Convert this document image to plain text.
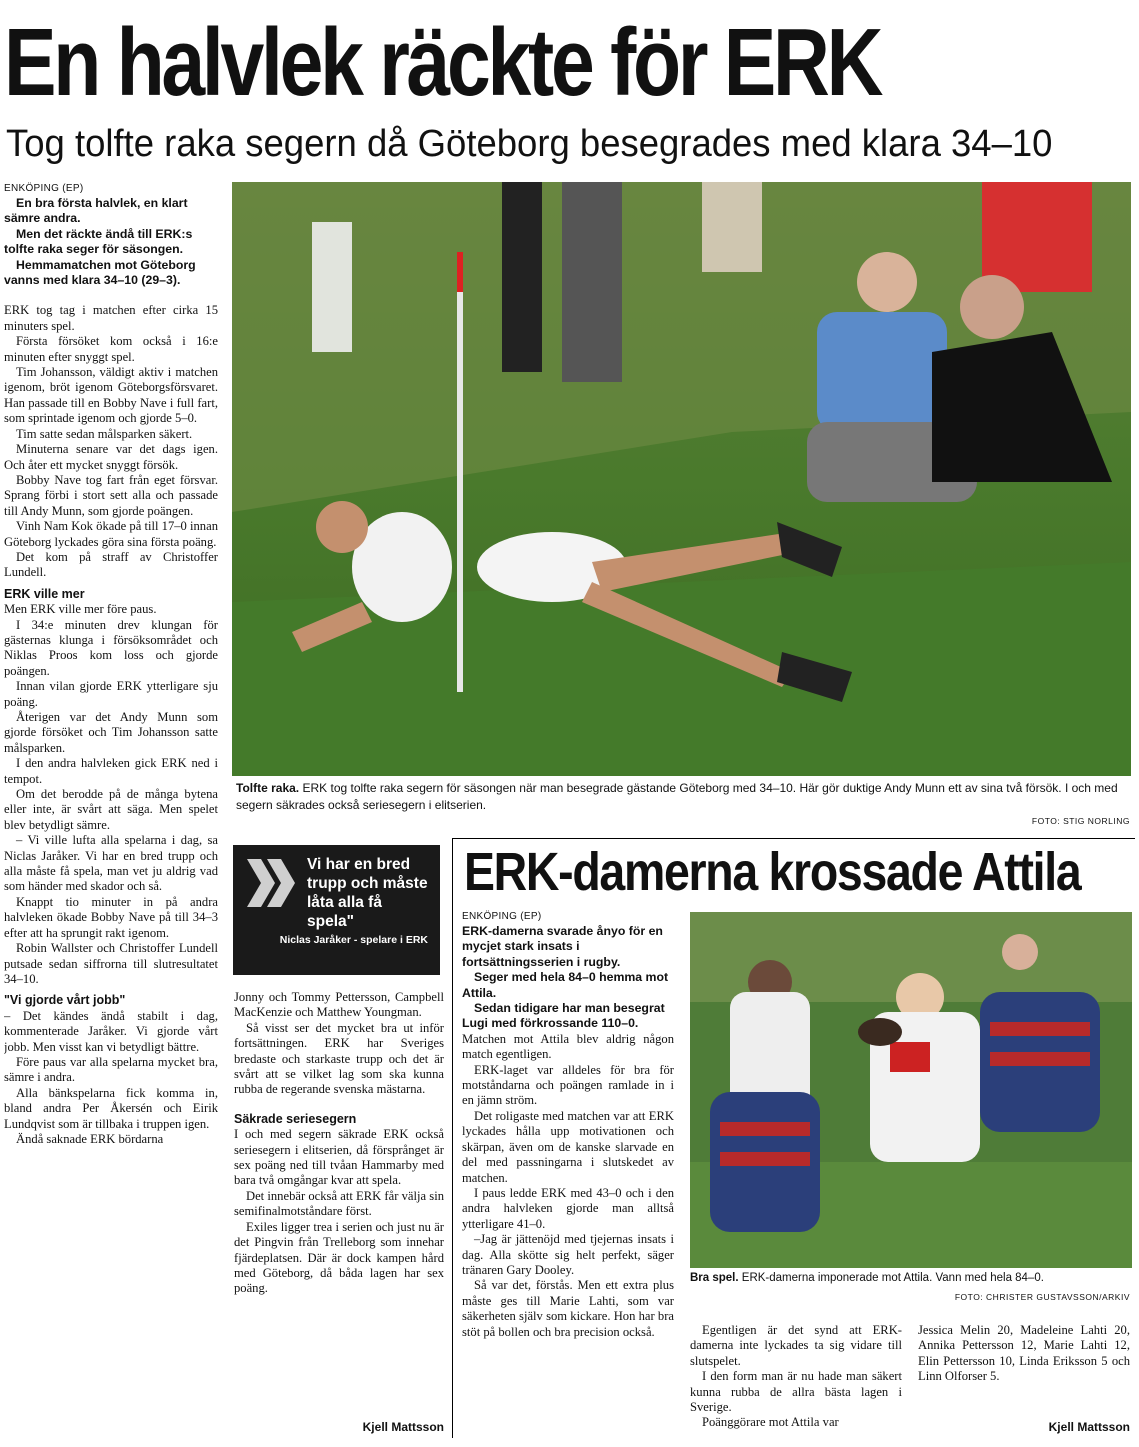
En halvlek räckte för ERK
Tog tolfte raka segern då Göteborg besegrades med klara 34–10
ENKÖPING (EP)

En bra första halvlek, en klart sämre andra.

Men det räckte ändå till ERK:s tolfte raka seger för säsongen.

Hemmamatchen mot Göteborg vanns med klara 34–10 (29–3).

ERK tog tag i matchen efter cirka 15 minuters spel.

Första försöket kom också i 16:e minuten efter snyggt spel.

Tim Johansson, väldigt aktiv i matchen igenom, bröt igenom Göteborgsförsvaret. Han passade till en Bobby Nave i full fart, som sprintade igenom och gjorde 5–0.

Tim satte sedan målsparken säkert.

Minuterna senare var det dags igen. Och åter ett mycket snyggt försök.

Bobby Nave tog fart från eget försvar. Sprang förbi i stort sett alla och passade till Andy Munn, som gjorde poängen.

Vinh Nam Kok ökade på till 17–0 innan Göteborg lyckades göra sina första poäng.

Det kom på straff av Christoffer Lundell.

ERK ville mer

Men ERK ville mer före paus.

I 34:e minuten drev klungan för gästernas klunga i försöksområdet och Niklas Proos kom loss och gjorde poängen.

Innan vilan gjorde ERK ytterligare sju poäng.

Återigen var det Andy Munn som gjorde försöket och Tim Johansson satte målsparken.

I den andra halvleken gick ERK ned i tempot.

Om det berodde på de många bytena eller inte, är svårt att säga. Men spelet blev betydligt sämre.

– Vi ville lufta alla spelarna i dag, sa Niclas Jaråker. Vi har en bred trupp och alla måste få spela, man vet ju aldrig vad som händer med skador och så.

Knappt tio minuter in på andra halvleken ökade Bobby Nave på till 34–3 efter att ha sprungit rakt igenom.

Robin Wallster och Christoffer Lundell putsade sedan siffrorna till slutresultatet 34–10.

"Vi gjorde vårt jobb"

– Det kändes ändå stabilt i dag, kommenterade Jaråker. Vi gjorde vårt jobb. Men visst kan vi betydligt bättre.

Före paus var alla spelarna mycket bra, sämre i andra.

Alla bänkspelarna fick komma in, bland andra Per Åkersén och Eirik Lundqvist som är tillbaka i truppen igen.

Ändå saknade ERK bördarna

Tolfte raka. ERK tog tolfte raka segern för säsongen när man besegrade gästande Göteborg med 34–10. Här gör duktige Andy Munn ett av sina två försök. I och med segern säkrades också seriesegern i elitserien.
FOTO: STIG NORLING
Vi har en bred trupp och måste låta alla få spela"
Niclas Jaråker - spelare i ERK

Jonny och Tommy Pettersson, Campbell MacKenzie och Matthew Youngman.

Så visst ser det mycket bra ut inför fortsättningen. ERK har Sveriges bredaste och starkaste trupp och det är svårt att se vilket lag som ska kunna rubba de regerande svenska mästarna.

Säkrade seriesegern

I och med segern säkrade ERK också seriesegern i elitserien, då försprånget är sex poäng ned till tvåan Hammarby med bara två omgångar kvar att spela.

Det innebär också att ERK får välja sin semifinalmotståndare först.

Exiles ligger trea i serien och just nu är det Pingvin från Trelleborg som innehar fjärdeplatsen. Där är dock kampen hård med Göteborg, då båda lagen har sex poäng.

Kjell Mattsson
ERK-damerna krossade Attila
ENKÖPING (EP)

ERK-damerna svarade ånyo för en mycjet stark insats i fortsättningsserien i rugby.

Seger med hela 84–0 hemma mot Attila.

Sedan tidigare har man besegrat Lugi med förkrossande 110–0.

Matchen mot Attila blev aldrig någon match egentligen.

ERK-laget var alldeles för bra för motståndarna och poängen ramlade in i en jämn ström.

Det roligaste med matchen var att ERK lyckades hålla upp motivationen och skärpan, även om de kanske slarvade en del med passningarna i slutskedet av matchen.

I paus ledde ERK med 43–0 och i den andra halvleken gjorde man alltså ytterligare 41–0.

–Jag är jättenöjd med tjejernas insats i dag. Alla skötte sig helt perfekt, säger tränaren Gary Dooley.

Så var det, förstås. Men ett extra plus måste ges till Marie Lahti, som var säkerheten själv som kickare. Hon har bra stöt på bollen och bra precision också.

Bra spel. ERK-damerna imponerade mot Attila. Vann med hela 84–0.
FOTO: CHRISTER GUSTAVSSON/ARKIV

Egentligen är det synd att ERK-damerna inte lyckades ta sig vidare till slutspelet.

I den form man är nu hade man säkert kunna rubba de allra bästa lagen i Sverige.

Poänggörare mot Attila var

Jessica Melin 20, Madeleine Lahti 20, Annika Pettersson 12, Marie Lahti 12, Elin Pettersson 10, Linda Eriksson 5 och Linn Olforser 5.

Kjell Mattsson
